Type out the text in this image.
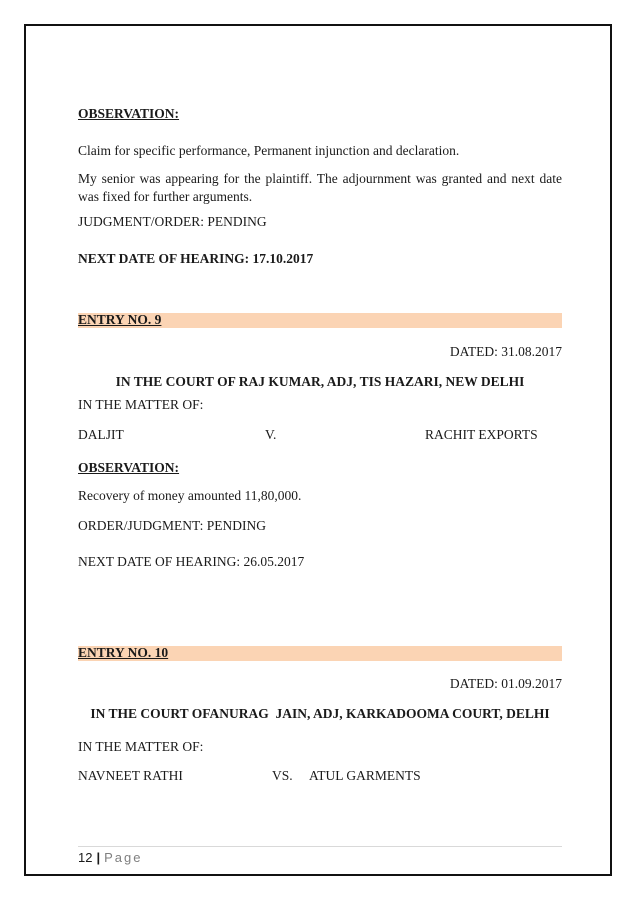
OBSERVATION:
Claim for specific performance, Permanent injunction and declaration.
My senior was appearing for the plaintiff. The adjournment was granted and next date was fixed for further arguments.
JUDGMENT/ORDER: PENDING
NEXT DATE OF HEARING: 17.10.2017
ENTRY NO. 9
DATED: 31.08.2017
IN THE COURT OF RAJ KUMAR, ADJ, TIS HAZARI, NEW DELHI
IN THE MATTER OF:
DALJIT	V.	RACHIT EXPORTS
OBSERVATION:
Recovery of money amounted 11,80,000.
ORDER/JUDGMENT: PENDING
NEXT DATE OF HEARING: 26.05.2017
ENTRY NO. 10
DATED: 01.09.2017
IN THE COURT OFANURAG  JAIN, ADJ, KARKADOOMA COURT, DELHI
IN THE MATTER OF:
NAVNEET RATHI	VS. ATUL GARMENTS
12 | Page
